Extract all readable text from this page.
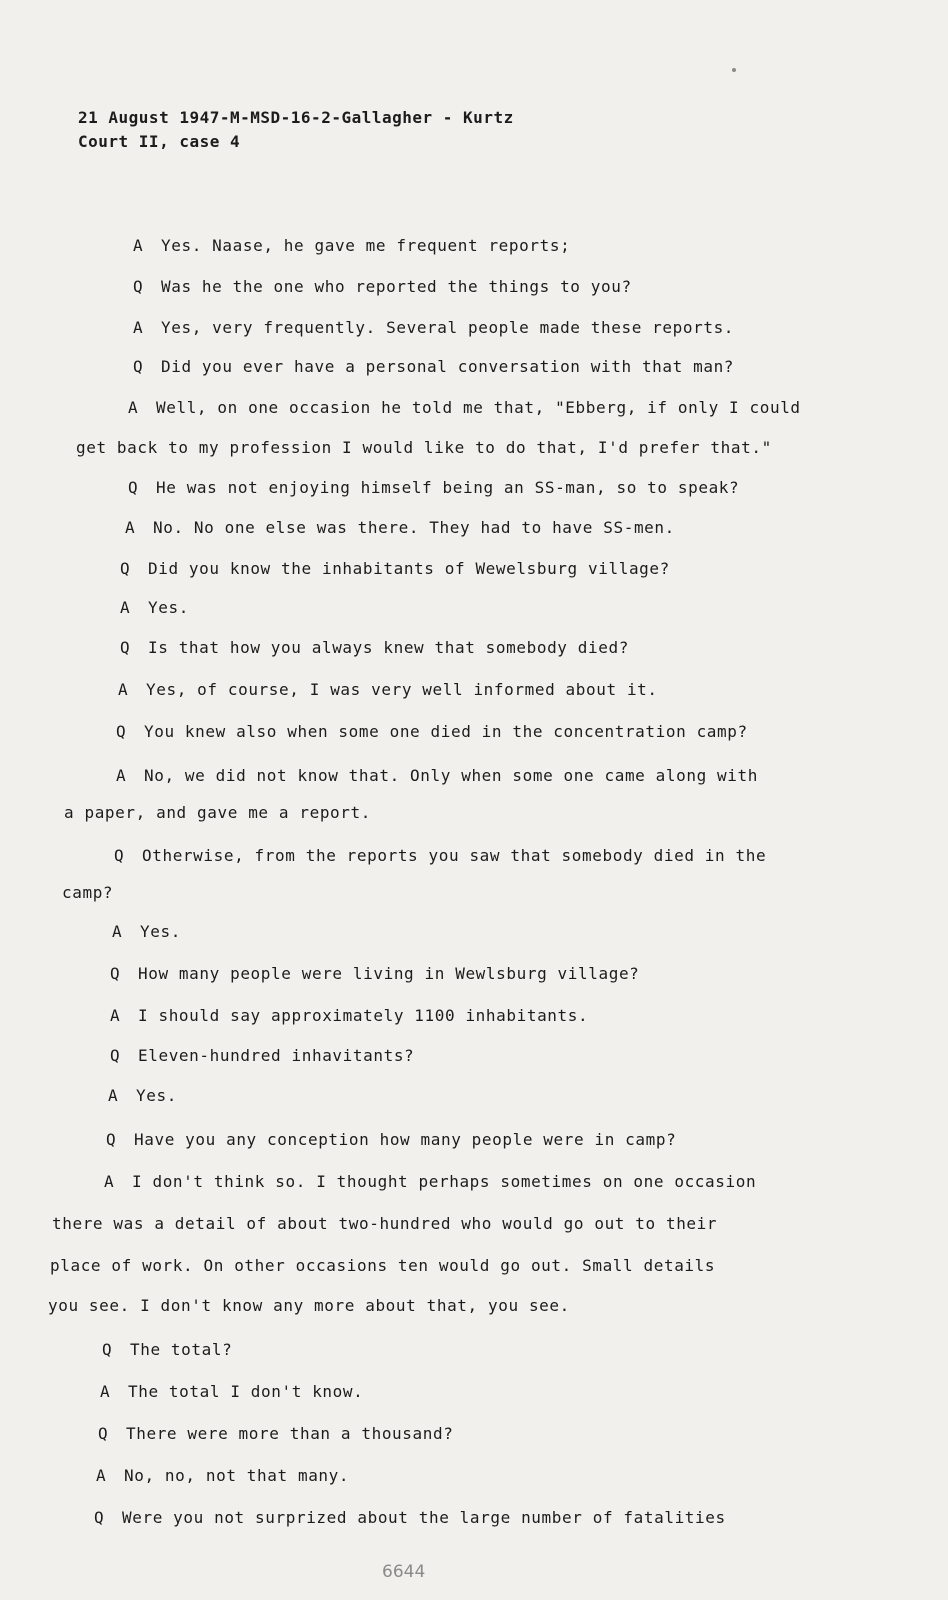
21 August 1947-M-MSD-16-2-Gallagher - Kurtz
Court II, case 4
A Yes. Naase, he gave me frequent reports;
Q Was he the one who reported the things to you?
A Yes, very frequently. Several people made these reports.
Q Did you ever have a personal conversation with that man?
A Well, on one occasion he told me that, "Ebberg, if only I could
get back to my profession I would like to do that, I'd prefer that."
Q He was not enjoying himself being an SS-man, so to speak?
A No. No one else was there. They had to have SS-men.
Q Did you know the inhabitants of Wewelsburg village?
A Yes.
Q Is that how you always knew that somebody died?
A Yes, of course, I was very well informed about it.
Q You knew also when some one died in the concentration camp?
A No, we did not know that. Only when some one came along with
a paper, and gave me a report.
Q Otherwise, from the reports you saw that somebody died in the
camp?
A Yes.
Q How many people were living in Wewlsburg village?
A I should say approximately 1100 inhabitants.
Q Eleven-hundred inhavitants?
A Yes.
Q Have you any conception how many people were in camp?
A I don't think so. I thought perhaps sometimes on one occasion
there was a detail of about two-hundred who would go out to their
place of work. On other occasions ten would go out. Small details
you see. I don't know any more about that, you see.
Q The total?
A The total I don't know.
Q There were more than a thousand?
A No, no, not that many.
Q Were you not surprized about the large number of fatalities
6644
